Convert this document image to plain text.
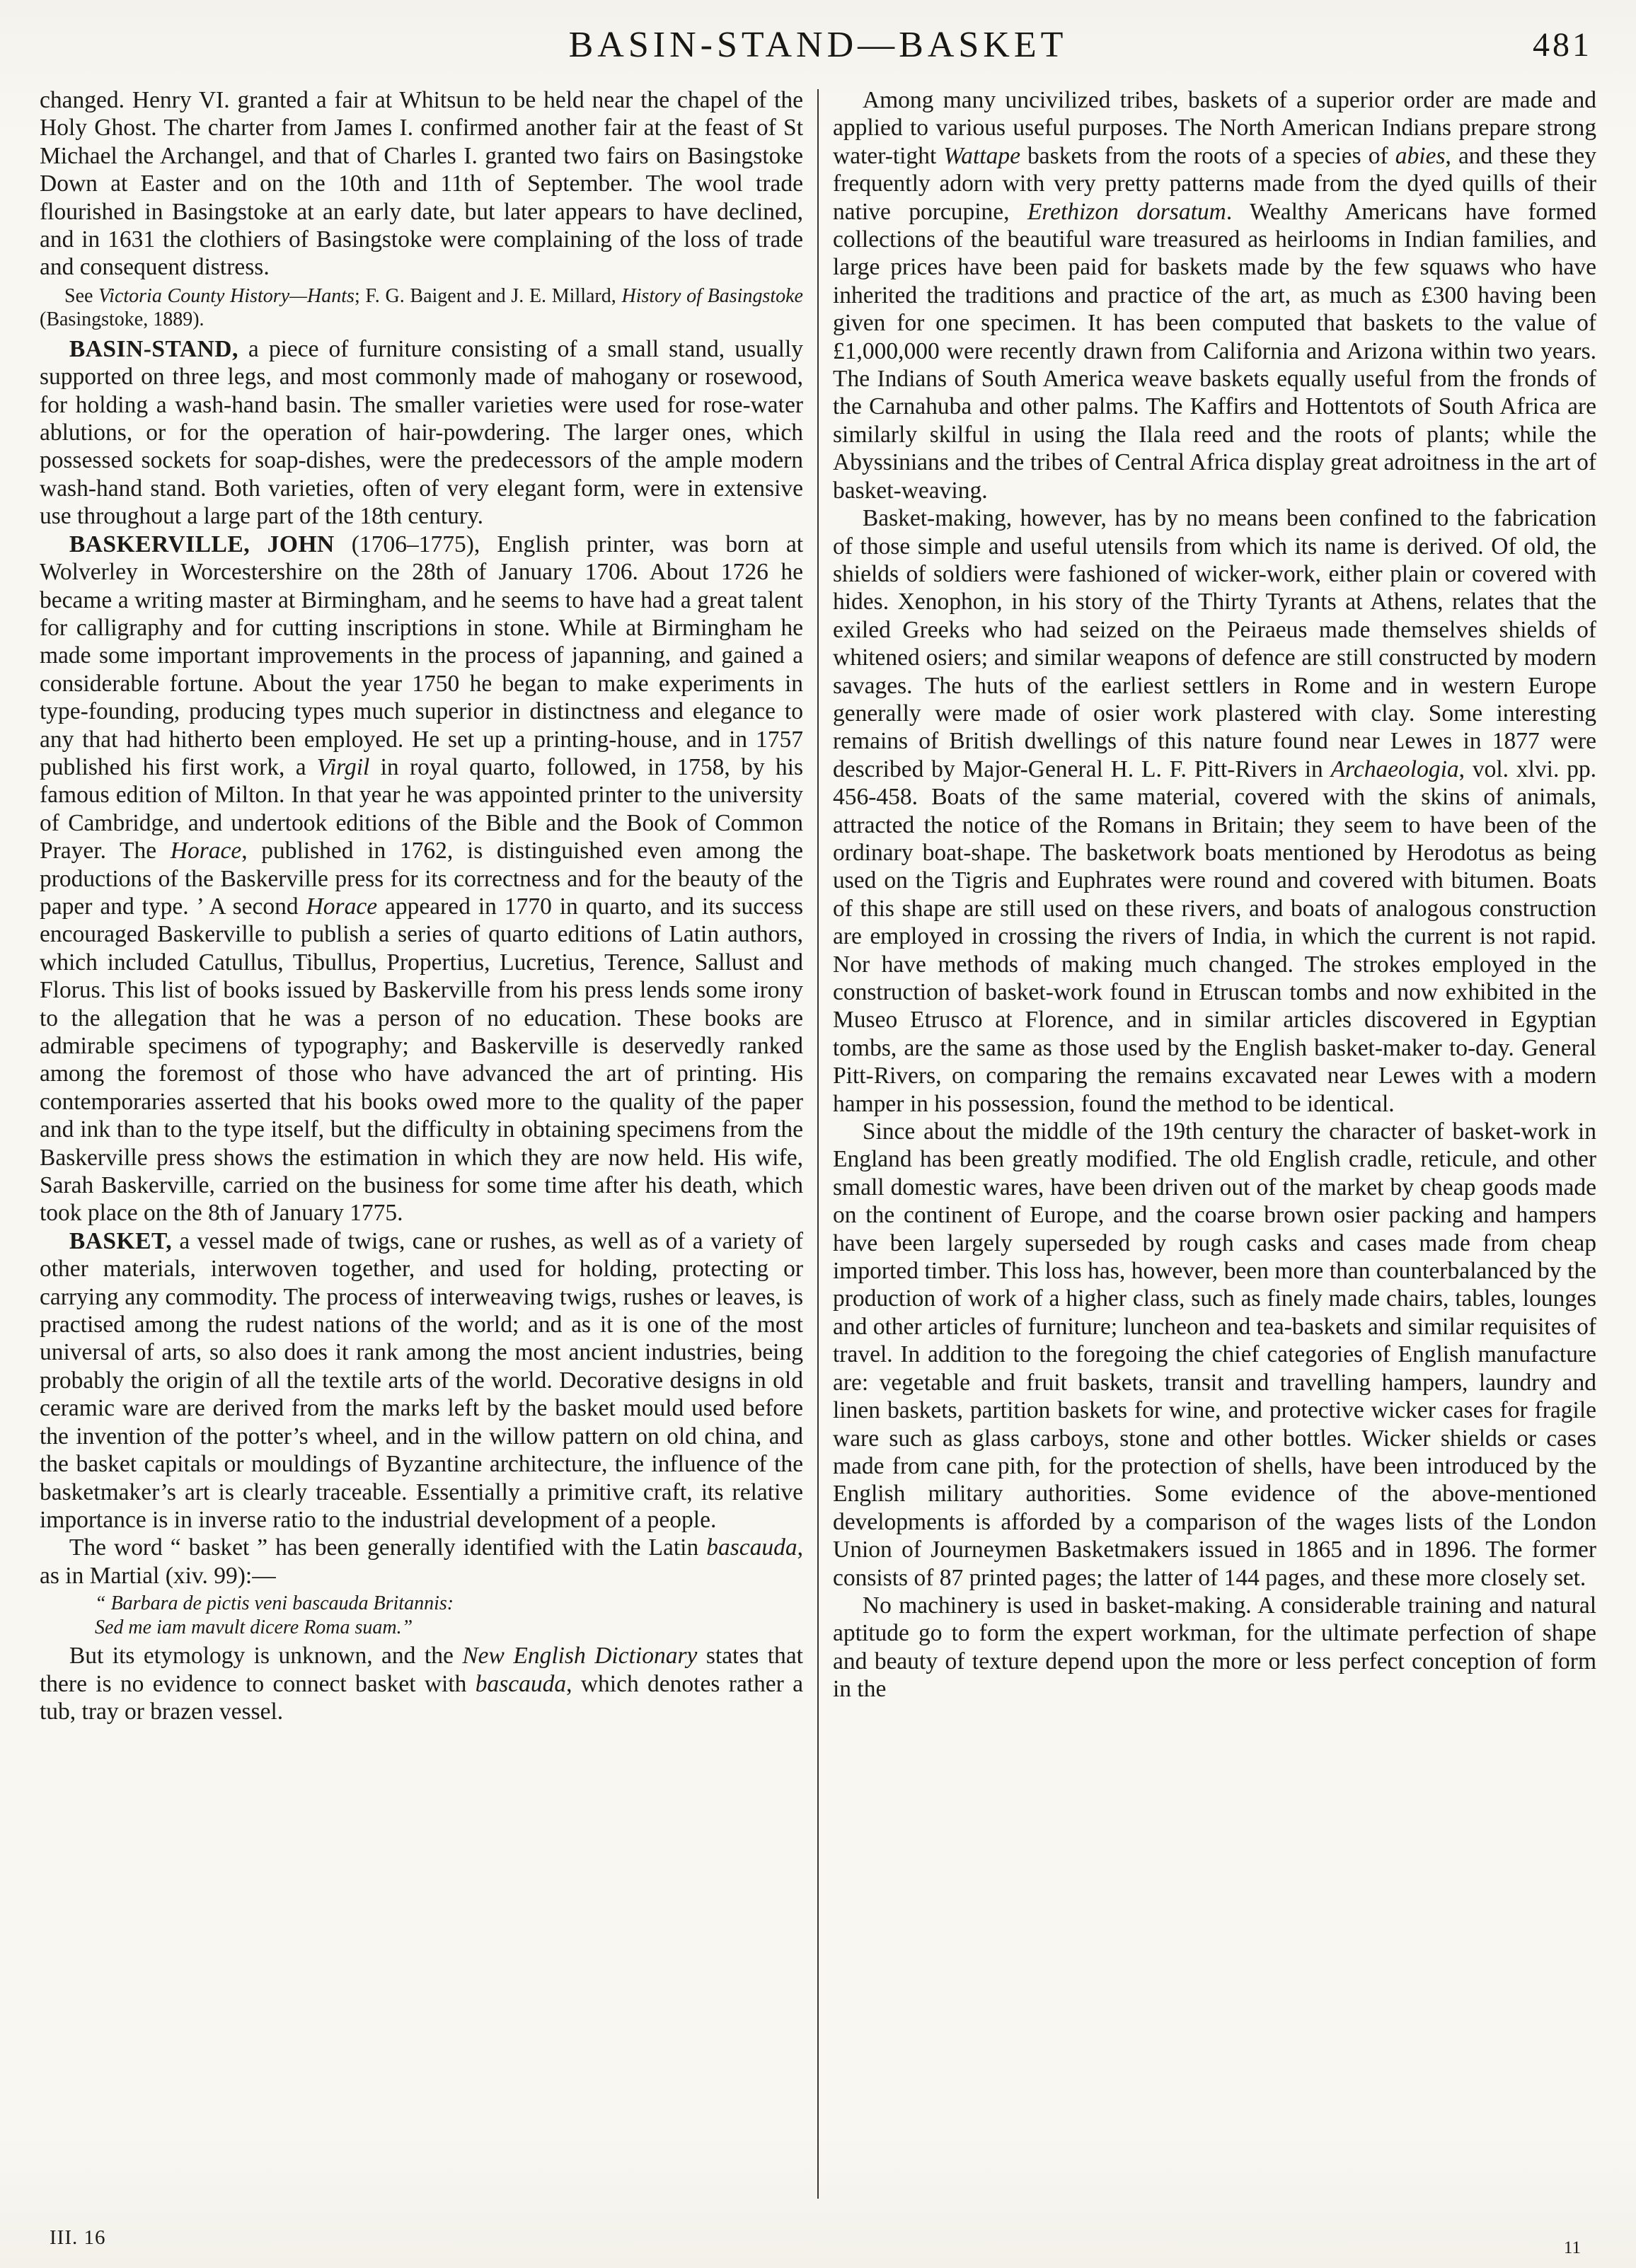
BASIN-STAND—BASKET	481

changed. Henry VI. granted a fair at Whitsun to be held near the chapel of the Holy Ghost. The charter from James I. confirmed another fair at the feast of St Michael the Archangel, and that of Charles I. granted two fairs on Basingstoke Down at Easter and on the 10th and 11th of September. The wool trade flourished in Basingstoke at an early date, but later appears to have declined, and in 1631 the clothiers of Basingstoke were complaining of the loss of trade and consequent distress.

See Victoria County History—Hants; F. G. Baigent and J. E. Millard, History of Basingstoke (Basingstoke, 1889).

BASIN-STAND, a piece of furniture consisting of a small stand, usually supported on three legs, and most commonly made of mahogany or rosewood, for holding a wash-hand basin. The smaller varieties were used for rose-water ablutions, or for the operation of hair-powdering. The larger ones, which possessed sockets for soap-dishes, were the predecessors of the ample modern wash-hand stand. Both varieties, often of very elegant form, were in extensive use throughout a large part of the 18th century.

BASKERVILLE, JOHN (1706–1775), English printer, was born at Wolverley in Worcestershire on the 28th of January 1706. About 1726 he became a writing master at Birmingham, and he seems to have had a great talent for calligraphy and for cutting inscriptions in stone. While at Birmingham he made some important improvements in the process of japanning, and gained a considerable fortune. About the year 1750 he began to make experiments in type-founding, producing types much superior in distinctness and elegance to any that had hitherto been employed. He set up a printing-house, and in 1757 published his first work, a Virgil in royal quarto, followed, in 1758, by his famous edition of Milton. In that year he was appointed printer to the university of Cambridge, and undertook editions of the Bible and the Book of Common Prayer. The Horace, published in 1762, is distinguished even among the productions of the Baskerville press for its correctness and for the beauty of the paper and type. ’ A second Horace appeared in 1770 in quarto, and its success encouraged Baskerville to publish a series of quarto editions of Latin authors, which included Catullus, Tibullus, Propertius, Lucretius, Terence, Sallust and Florus. This list of books issued by Baskerville from his press lends some irony to the allegation that he was a person of no education. These books are admirable specimens of typography; and Baskerville is deservedly ranked among the foremost of those who have advanced the art of printing. His contemporaries asserted that his books owed more to the quality of the paper and ink than to the type itself, but the difficulty in obtaining specimens from the Baskerville press shows the estimation in which they are now held. His wife, Sarah Baskerville, carried on the business for some time after his death, which took place on the 8th of January 1775.

BASKET, a vessel made of twigs, cane or rushes, as well as of a variety of other materials, interwoven together, and used for holding, protecting or carrying any commodity. The process of interweaving twigs, rushes or leaves, is practised among the rudest nations of the world; and as it is one of the most universal of arts, so also does it rank among the most ancient industries, being probably the origin of all the textile arts of the world. Decorative designs in old ceramic ware are derived from the marks left by the basket mould used before the invention of the potter’s wheel, and in the willow pattern on old china, and the basket capitals or mouldings of Byzantine architecture, the influence of the basketmaker’s art is clearly traceable. Essentially a primitive craft, its relative importance is in inverse ratio to the industrial development of a people.

The word “ basket ” has been generally identified with the Latin bascauda, as in Martial (xiv. 99):—

“ Barbara de pictis veni bascauda Britannis:
Sed me iam mavult dicere Roma suam.”

But its etymology is unknown, and the New English Dictionary states that there is no evidence to connect basket with bascauda, which denotes rather a tub, tray or brazen vessel.

Among many uncivilized tribes, baskets of a superior order are made and applied to various useful purposes. The North American Indians prepare strong water-tight Wattape baskets from the roots of a species of abies, and these they frequently adorn with very pretty patterns made from the dyed quills of their native porcupine, Erethizon dorsatum. Wealthy Americans have formed collections of the beautiful ware treasured as heirlooms in Indian families, and large prices have been paid for baskets made by the few squaws who have inherited the traditions and practice of the art, as much as £300 having been given for one specimen. It has been computed that baskets to the value of £1,000,000 were recently drawn from California and Arizona within two years. The Indians of South America weave baskets equally useful from the fronds of the Carnahuba and other palms. The Kaffirs and Hottentots of South Africa are similarly skilful in using the Ilala reed and the roots of plants; while the Abyssinians and the tribes of Central Africa display great adroitness in the art of basket-weaving.

Basket-making, however, has by no means been confined to the fabrication of those simple and useful utensils from which its name is derived. Of old, the shields of soldiers were fashioned of wicker-work, either plain or covered with hides. Xenophon, in his story of the Thirty Tyrants at Athens, relates that the exiled Greeks who had seized on the Peiraeus made themselves shields of whitened osiers; and similar weapons of defence are still constructed by modern savages. The huts of the earliest settlers in Rome and in western Europe generally were made of osier work plastered with clay. Some interesting remains of British dwellings of this nature found near Lewes in 1877 were described by Major-General H. L. F. Pitt-Rivers in Archaeologia, vol. xlvi. pp. 456-458. Boats of the same material, covered with the skins of animals, attracted the notice of the Romans in Britain; they seem to have been of the ordinary boat-shape. The basketwork boats mentioned by Herodotus as being used on the Tigris and Euphrates were round and covered with bitumen. Boats of this shape are still used on these rivers, and boats of analogous construction are employed in crossing the rivers of India, in which the current is not rapid. Nor have methods of making much changed. The strokes employed in the construction of basket-work found in Etruscan tombs and now exhibited in the Museo Etrusco at Florence, and in similar articles discovered in Egyptian tombs, are the same as those used by the English basket-maker to-day. General Pitt-Rivers, on comparing the remains excavated near Lewes with a modern hamper in his possession, found the method to be identical.

Since about the middle of the 19th century the character of basket-work in England has been greatly modified. The old English cradle, reticule, and other small domestic wares, have been driven out of the market by cheap goods made on the continent of Europe, and the coarse brown osier packing and hampers have been largely superseded by rough casks and cases made from cheap imported timber. This loss has, however, been more than counterbalanced by the production of work of a higher class, such as finely made chairs, tables, lounges and other articles of furniture; luncheon and tea-baskets and similar requisites of travel. In addition to the foregoing the chief categories of English manufacture are: vegetable and fruit baskets, transit and travelling hampers, laundry and linen baskets, partition baskets for wine, and protective wicker cases for fragile ware such as glass carboys, stone and other bottles. Wicker shields or cases made from cane pith, for the protection of shells, have been introduced by the English military authorities. Some evidence of the above-mentioned developments is afforded by a comparison of the wages lists of the London Union of Journeymen Basketmakers issued in 1865 and in 1896. The former consists of 87 printed pages; the latter of 144 pages, and these more closely set.

No machinery is used in basket-making. A considerable training and natural aptitude go to form the expert workman, for the ultimate perfection of shape and beauty of texture depend upon the more or less perfect conception of form in the

III. 16	11
